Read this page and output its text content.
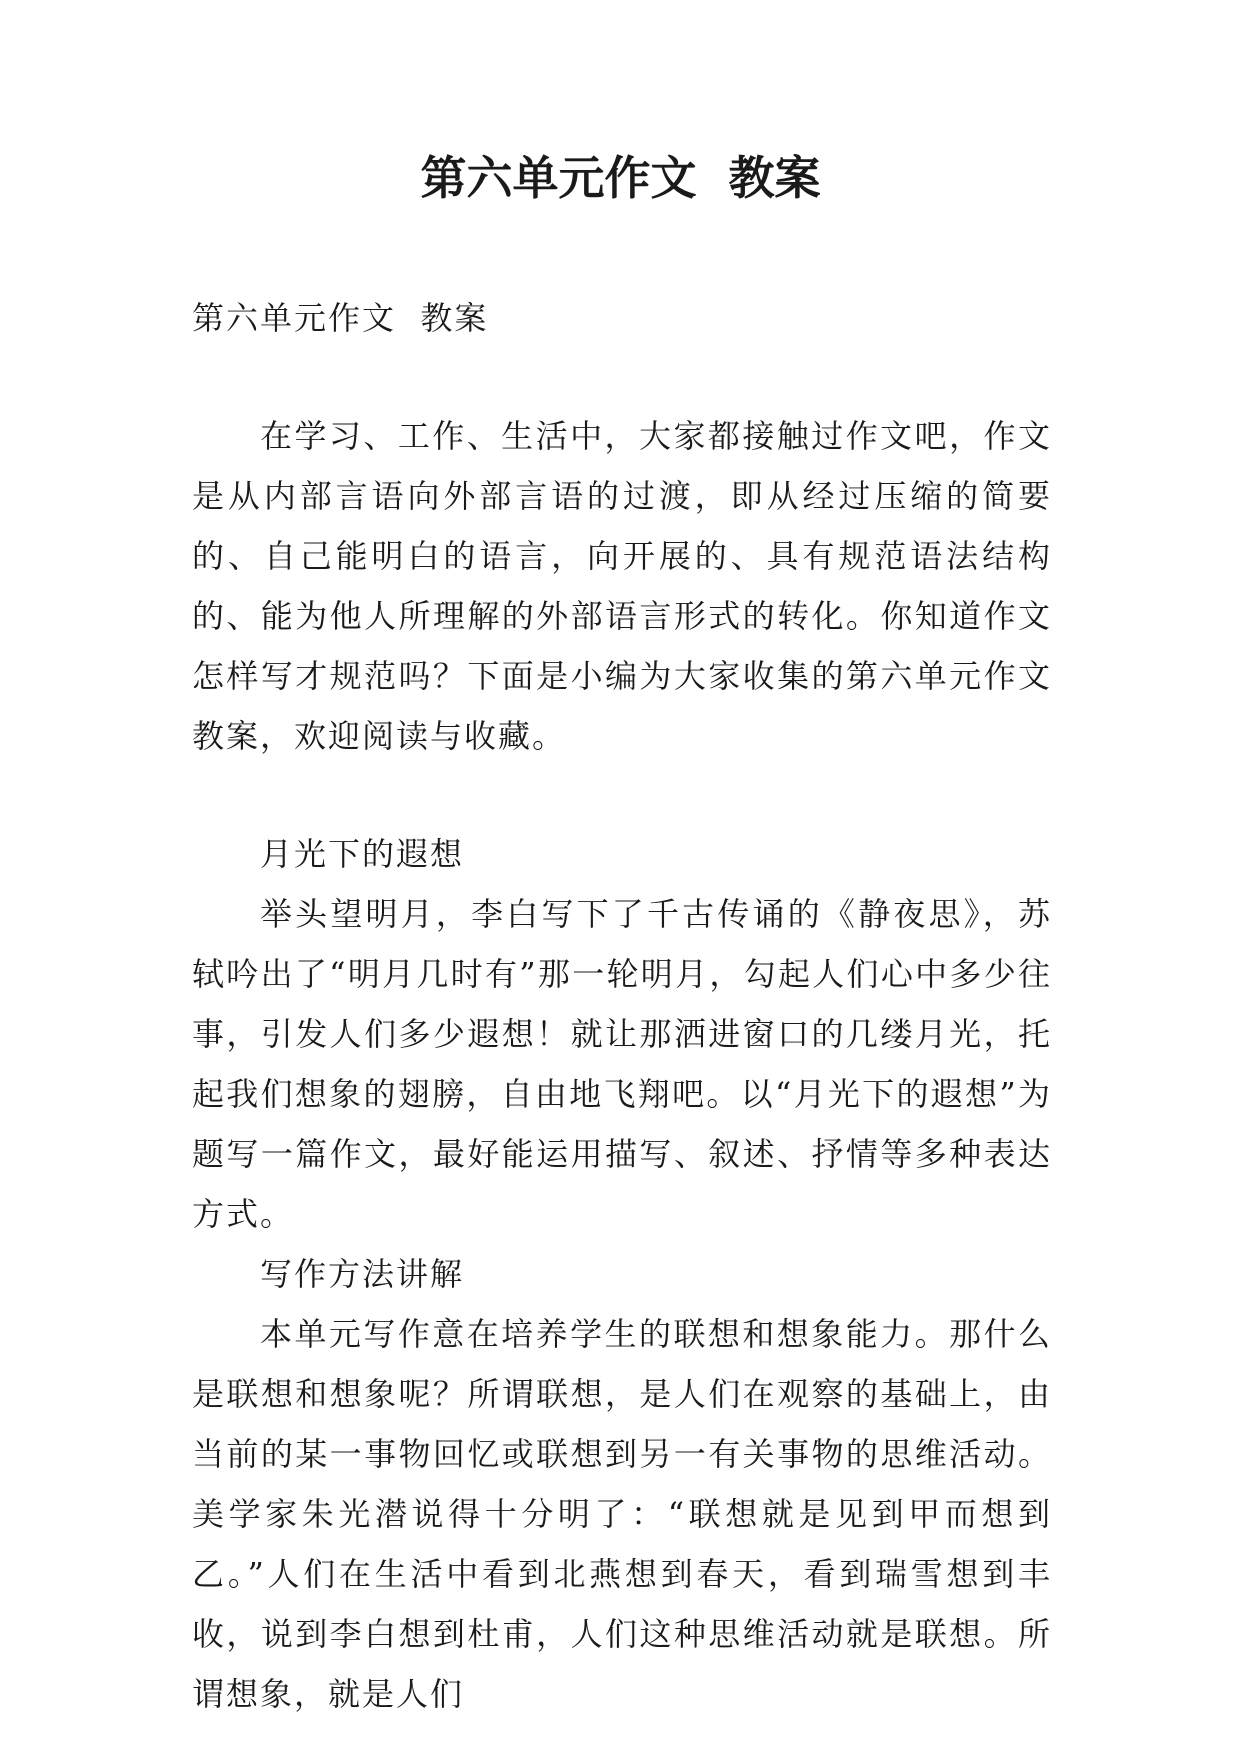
第六单元作文  教案

第六单元作文  教案

在学习、工作、生活中，大家都接触过作文吧，作文是从内部言语向外部言语的过渡，即从经过压缩的简要的、自己能明白的语言，向开展的、具有规范语法结构的、能为他人所理解的外部语言形式的转化。你知道作文怎样写才规范吗？下面是小编为大家收集的第六单元作文  教案，欢迎阅读与收藏。

月光下的遐想

举头望明月，李白写下了千古传诵的《静夜思》，苏轼吟出了“明月几时有”那一轮明月，勾起人们心中多少往事，引发人们多少遐想！就让那洒进窗口的几缕月光，托起我们想象的翅膀，自由地飞翔吧。以“月光下的遐想”为题写一篇作文，最好能运用描写、叙述、抒情等多种表达方式。

写作方法讲解

本单元写作意在培养学生的联想和想象能力。那什么是联想和想象呢？所谓联想，是人们在观察的基础上，由当前的某一事物回忆或联想到另一有关事物的思维活动。美学家朱光潜说得十分明了：“联想就是见到甲而想到乙。”人们在生活中看到北燕想到春天，看到瑞雪想到丰收，说到李白想到杜甫，人们这种思维活动就是联想。所谓想象，就是人们
